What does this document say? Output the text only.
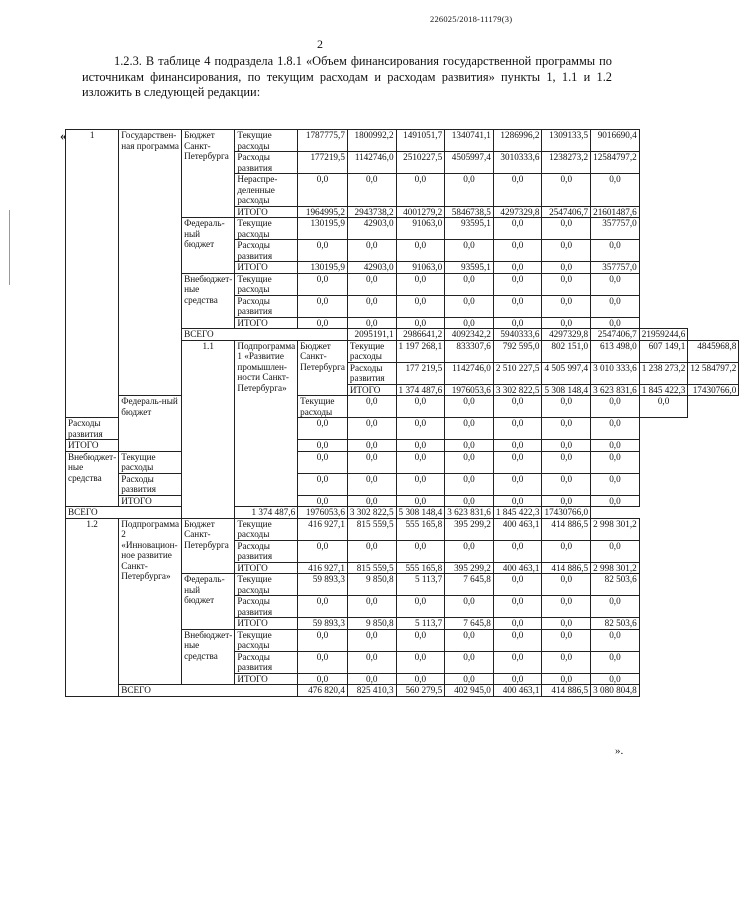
226025/2018-11179(3)
2
1.2.3. В таблице 4 подраздела 1.8.1 «Объем финансирования государственной программы по источникам финансирования, по текущим расходам и расходам развития» пункты 1, 1.1 и 1.2 изложить в следующей редакции:
«	1	Государствен-ная программа	Бюджет Санкт-Петербурга	Текущие расходы	1787775,7	1800992,2	1491051,7	1340741,1	1286996,2	1309133,5	9016690,4		
			Расходы развития	177219,5	1142746,0	2510227,5	4505997,4	3010333,6	1238273,2	12584797,2		
			Нераспре-деленные расходы	0,0	0,0	0,0	0,0	0,0	0,0	0,0		
			ИТОГО	1964995,2	2943738,2	4001279,2	5846738,5	4297329,8	2547406,7	21601487,6		
		Федераль-ный бюджет	Текущие расходы	130195,9	42903,0	91063,0	93595,1	0,0	0,0	357757,0		
			Расходы развития	0,0	0,0	0,0	0,0	0,0	0,0	0,0		
			ИТОГО	130195,9	42903,0	91063,0	93595,1	0,0	0,0	357757,0		
		Внебюджет-ные средства	Текущие расходы	0,0	0,0	0,0	0,0	0,0	0,0	0,0		
			Расходы развития	0,0	0,0	0,0	0,0	0,0	0,0	0,0		
			ИТОГО	0,0	0,0	0,0	0,0	0,0	0,0	0,0		
		ВСЕГО			2095191,1	2986641,2	4092342,2	5940333,6	4297329,8	2547406,7	21959244,6	
		1.1	Подпрограмма 1 «Развитие промышлен-ности Санкт-Петербурга»	Бюджет Санкт-Петербурга	Текущие расходы	1 197 268,1	833307,6	792 595,0	802 151,0	613 498,0	607 149,1	4845968,8
					Расходы развития	177 219,5	1142746,0	2 510 227,5	4 505 997,4	3 010 333,6	1 238 273,2	12 584797,2
					ИТОГО	1 374 487,6	1976053,6	3 302 822,5	5 308 148,4	3 623 831,6	1 845 422,3	17430766,0
	Федераль-ный бюджет			Текущие расходы	0,0	0,0	0,0	0,0	0,0	0,0	0,0	
Расходы развития				0,0	0,0	0,0	0,0	0,0	0,0	0,0		
ИТОГО				0,0	0,0	0,0	0,0	0,0	0,0	0,0		
Внебюджет-ные средства	Текущие расходы			0,0	0,0	0,0	0,0	0,0	0,0	0,0		
	Расходы развития			0,0	0,0	0,0	0,0	0,0	0,0	0,0		
	ИТОГО			0,0	0,0	0,0	0,0	0,0	0,0	0,0		
ВСЕГО			1 374 487,6	1976053,6	3 302 822,5	5 308 148,4	3 623 831,6	1 845 422,3	17430766,0			
1.2	Подпрограмма 2 «Инновацион-ное развитие Санкт-Петербурга»	Бюджет Санкт-Петербурга	Текущие расходы	416 927,1	815 559,5	555 165,8	395 299,2	400 463,1	414 886,5	2 998 301,2		
			Расходы развития	0,0	0,0	0,0	0,0	0,0	0,0	0,0		
			ИТОГО	416 927,1	815 559,5	555 165,8	395 299,2	400 463,1	414 886,5	2 998 301,2		
		Федераль-ный бюджет	Текущие расходы	59 893,3	9 850,8	5 113,7	7 645,8	0,0	0,0	82 503,6		
			Расходы развития	0,0	0,0	0,0	0,0	0,0	0,0	0,0		
			ИТОГО	59 893,3	9 850,8	5 113,7	7 645,8	0,0	0,0	82 503,6		
		Внебюджет-ные средства	Текущие расходы	0,0	0,0	0,0	0,0	0,0	0,0	0,0		
			Расходы развития	0,0	0,0	0,0	0,0	0,0	0,0	0,0		
			ИТОГО	0,0	0,0	0,0	0,0	0,0	0,0	0,0		
	ВСЕГО			476 820,4	825 410,3	560 279,5	402 945,0	400 463,1	414 886,5	3 080 804,8		
».
